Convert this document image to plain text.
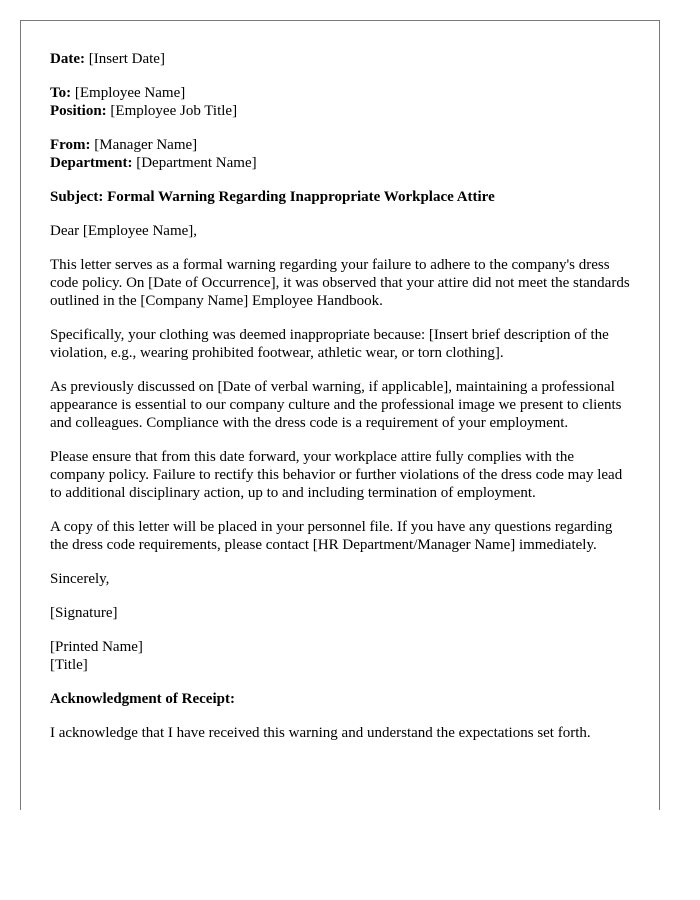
Date: [Insert Date]
To: [Employee Name]
Position: [Employee Job Title]
From: [Manager Name]
Department: [Department Name]

Subject: Formal Warning Regarding Inappropriate Workplace Attire

Dear [Employee Name],

This letter serves as a formal warning regarding your failure to adhere to the company's dress code policy. On [Date of Occurrence], it was observed that your attire did not meet the standards outlined in the [Company Name] Employee Handbook.

Specifically, your clothing was deemed inappropriate because: [Insert brief description of the violation, e.g., wearing prohibited footwear, athletic wear, or torn clothing].

As previously discussed on [Date of verbal warning, if applicable], maintaining a professional appearance is essential to our company culture and the professional image we present to clients and colleagues. Compliance with the dress code is a requirement of your employment.

Please ensure that from this date forward, your workplace attire fully complies with the company policy. Failure to rectify this behavior or further violations of the dress code may lead to additional disciplinary action, up to and including termination of employment.

A copy of this letter will be placed in your personnel file. If you have any questions regarding the dress code requirements, please contact [HR Department/Manager Name] immediately.

Sincerely,

[Signature]

[Printed Name]
[Title]

Acknowledgment of Receipt:

I acknowledge that I have received this warning and understand the expectations set forth.
